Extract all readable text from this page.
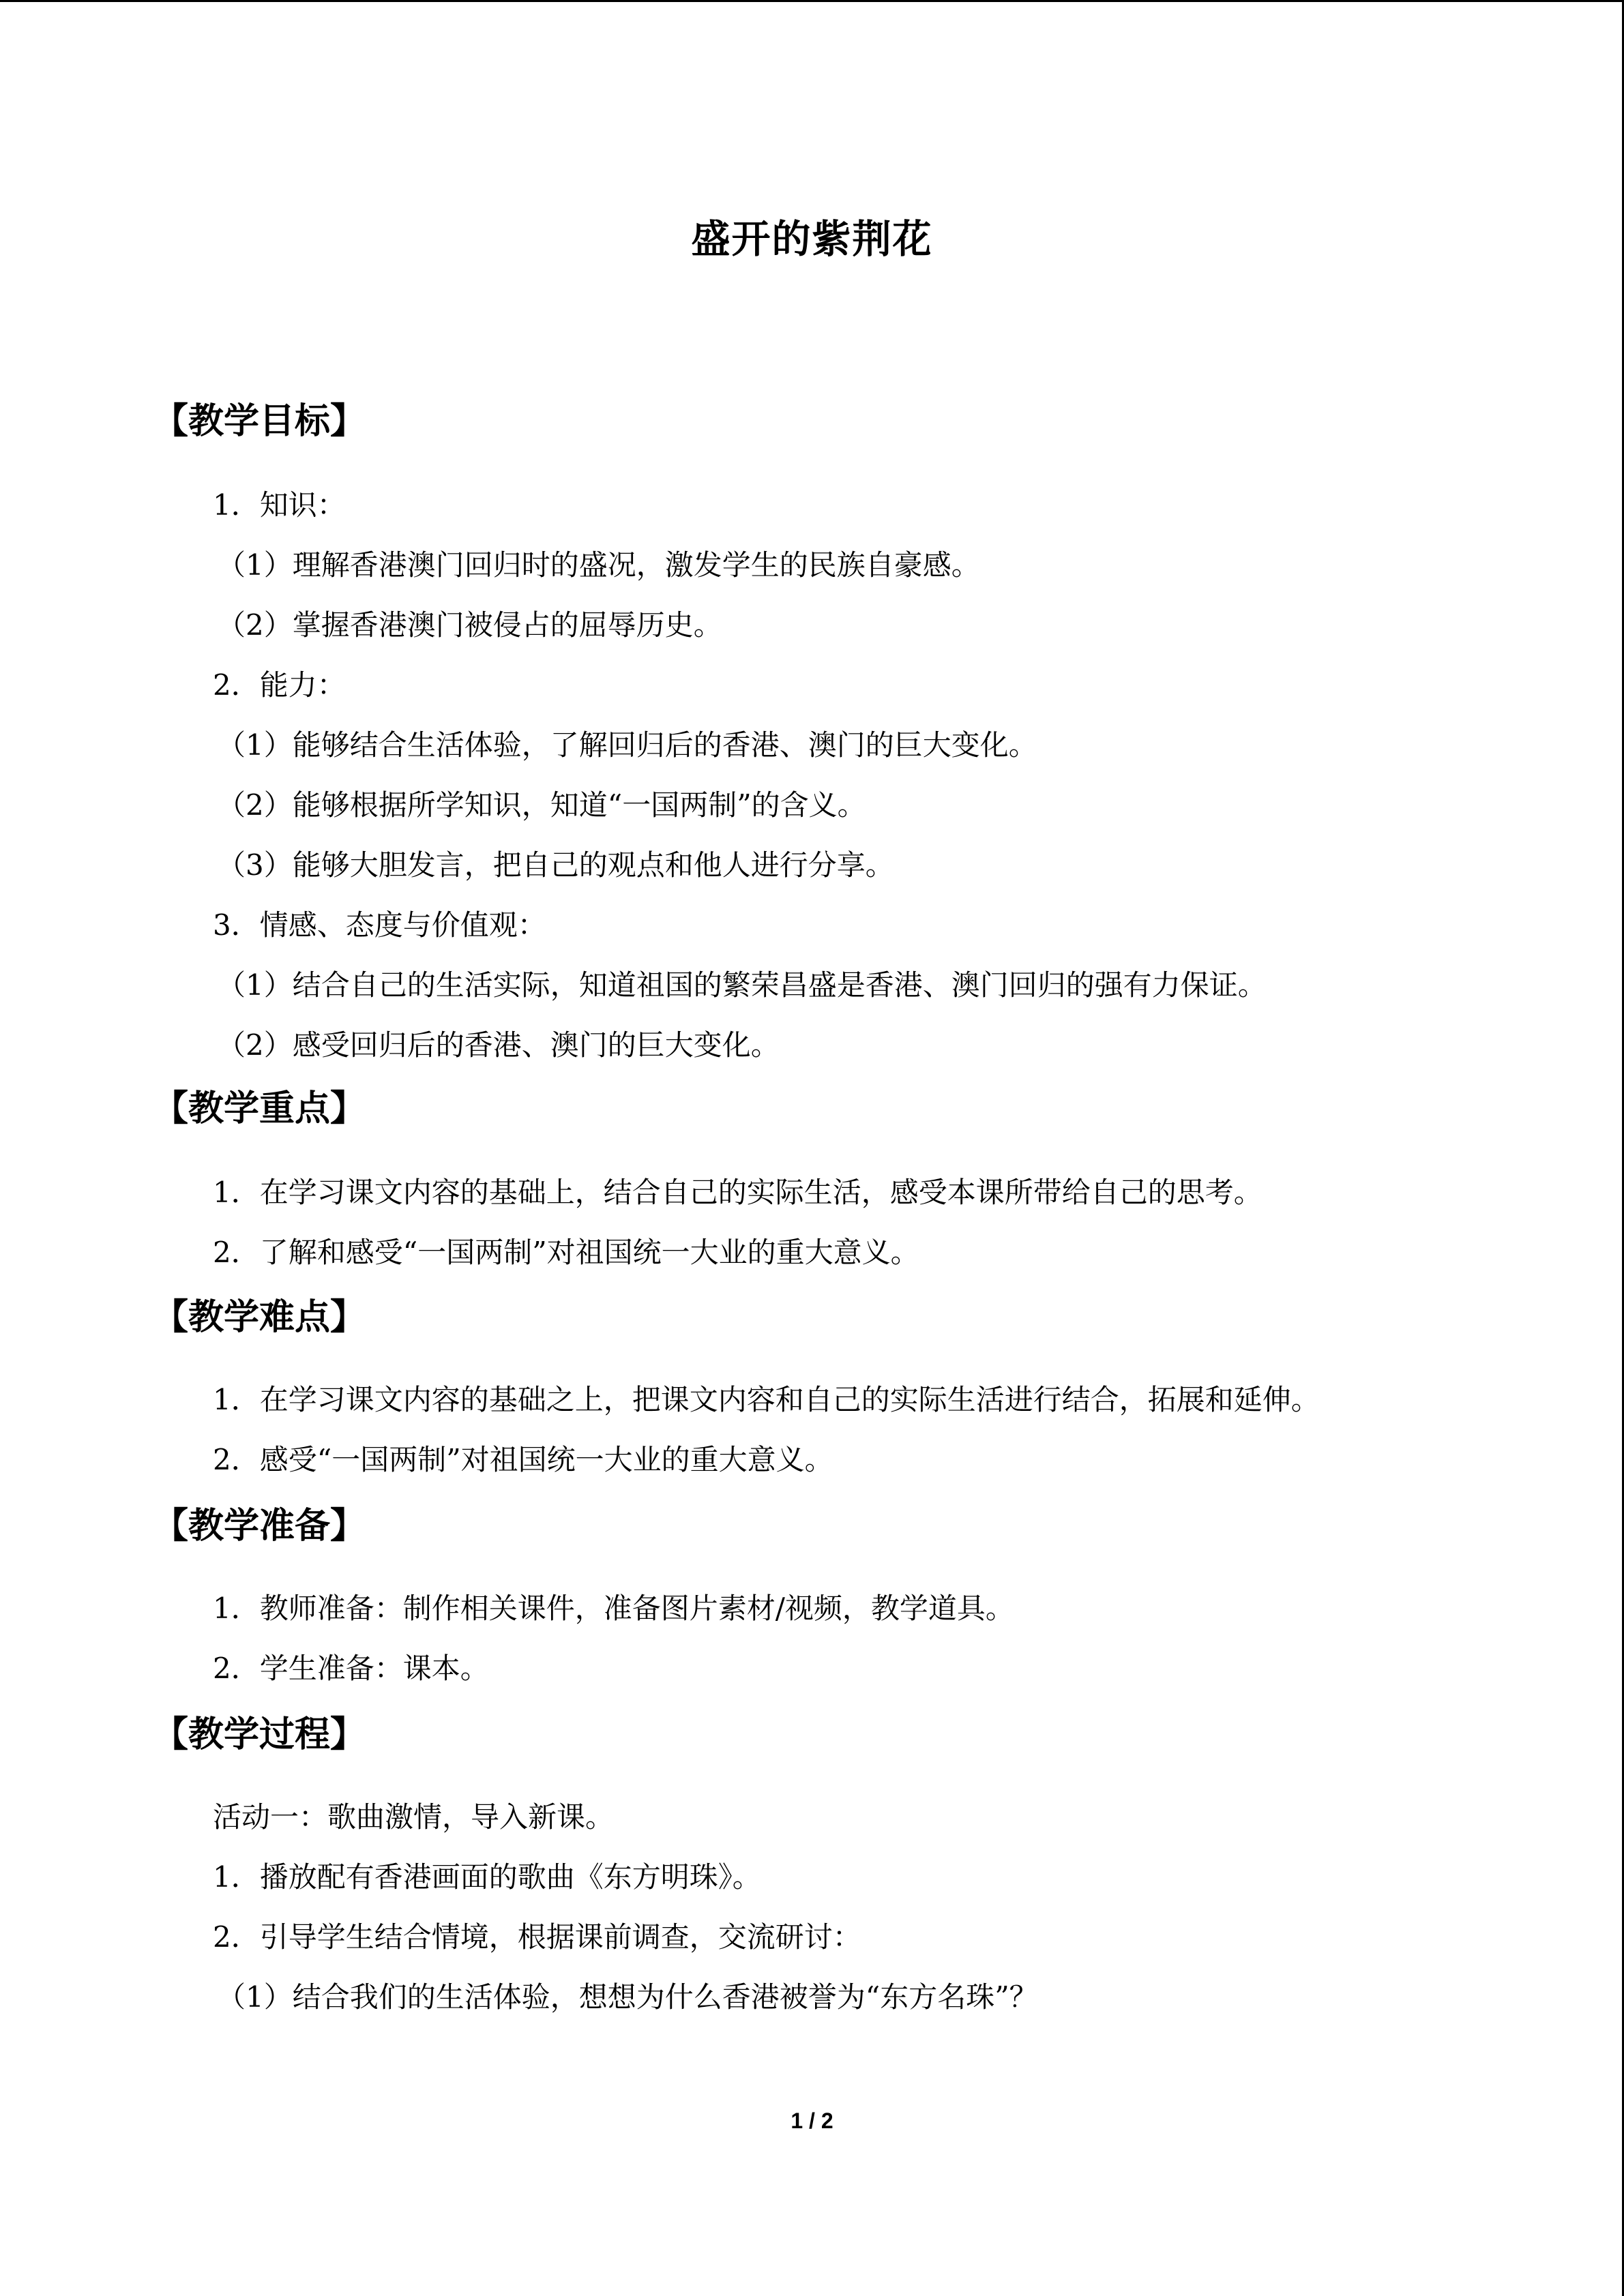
盛开的紫荆花
【教学目标】
1．知识：
（1）理解香港澳门回归时的盛况，激发学生的民族自豪感。
（2）掌握香港澳门被侵占的屈辱历史。
2．能力：
（1）能够结合生活体验，了解回归后的香港、澳门的巨大变化。
（2）能够根据所学知识，知道“一国两制”的含义。
（3）能够大胆发言，把自己的观点和他人进行分享。
3．情感、态度与价值观：
（1）结合自己的生活实际，知道祖国的繁荣昌盛是香港、澳门回归的强有力保证。
（2）感受回归后的香港、澳门的巨大变化。
【教学重点】
1．在学习课文内容的基础上，结合自己的实际生活，感受本课所带给自己的思考。
2．了解和感受“一国两制”对祖国统一大业的重大意义。
【教学难点】
1．在学习课文内容的基础之上，把课文内容和自己的实际生活进行结合，拓展和延伸。
2．感受“一国两制”对祖国统一大业的重大意义。
【教学准备】
1．教师准备：制作相关课件，准备图片素材/视频，教学道具。
2．学生准备：课本。
【教学过程】
活动一：歌曲激情，导入新课。
1．播放配有香港画面的歌曲《东方明珠》。
2．引导学生结合情境，根据课前调查，交流研讨：
（1）结合我们的生活体验，想想为什么香港被誉为“东方名珠”？
1 / 2
